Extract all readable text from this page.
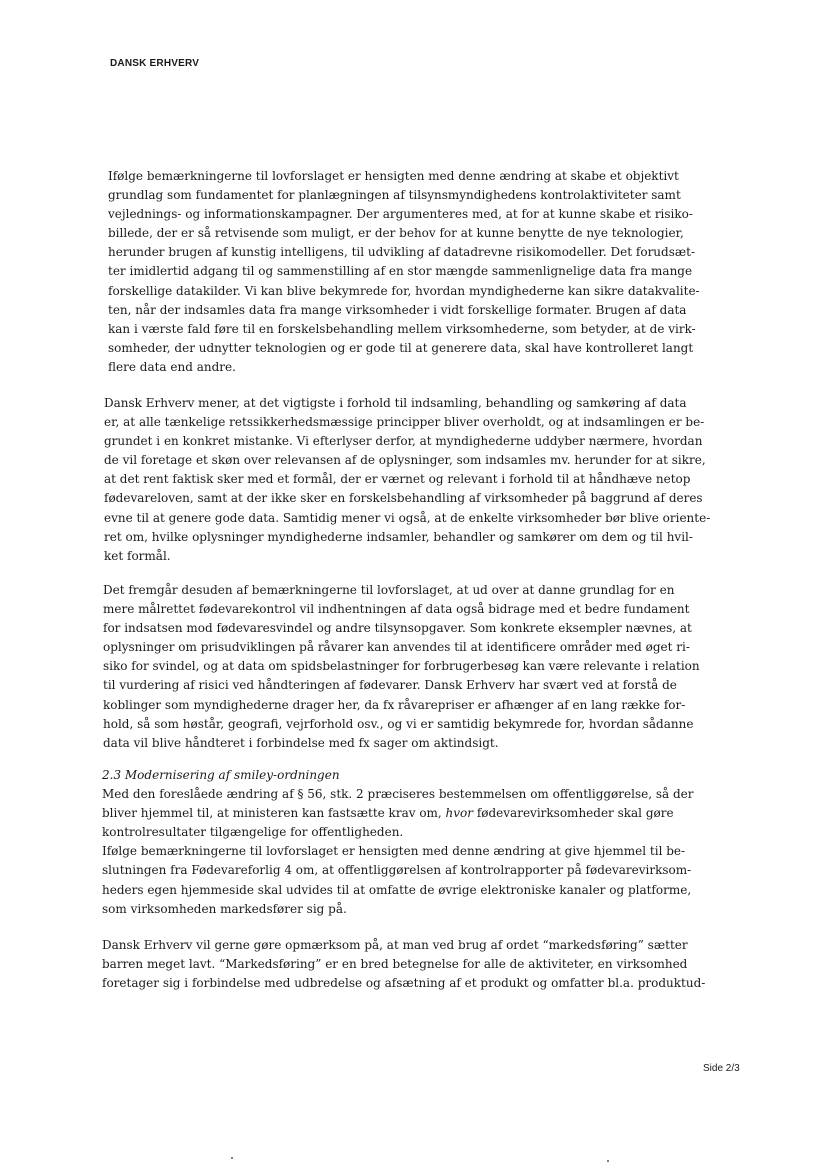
DANSK ERHVERV
Ifølge bemærkningerne til lovforslaget er hensigten med denne ændring at skabe et objektivt
grundlag som fundamentet for planlægningen af tilsynsmyndighedens kontrolaktiviteter samt
vejlednings- og informationskampagner. Der argumenteres med, at for at kunne skabe et risiko-
billede, der er så retvisende som muligt, er der behov for at kunne benytte de nye teknologier,
herunder brugen af kunstig intelligens, til udvikling af datadrevne risikomodeller. Det forudsæt-
ter imidlertid adgang til og sammenstilling af en stor mængde sammenlignelige data fra mange
forskellige datakilder. Vi kan blive bekymrede for, hvordan myndighederne kan sikre datakvalite-
ten, når der indsamles data fra mange virksomheder i vidt forskellige formater. Brugen af data
kan i værste fald føre til en forskelsbehandling mellem virksomhederne, som betyder, at de virk-
somheder, der udnytter teknologien og er gode til at generere data, skal have kontrolleret langt
flere data end andre.
Dansk Erhverv mener, at det vigtigste i forhold til indsamling, behandling og samkøring af data
er, at alle tænkelige retssikkerhedsmæssige principper bliver overholdt, og at indsamlingen er be-
grundet i en konkret mistanke. Vi efterlyser derfor, at myndighederne uddyber nærmere, hvordan
de vil foretage et skøn over relevansen af de oplysninger, som indsamles mv. herunder for at sikre,
at det rent faktisk sker med et formål, der er værnet og relevant i forhold til at håndhæve netop
fødevareloven, samt at der ikke sker en forskelsbehandling af virksomheder på baggrund af deres
evne til at genere gode data. Samtidig mener vi også, at de enkelte virksomheder bør blive oriente-
ret om, hvilke oplysninger myndighederne indsamler, behandler og samkører om dem og til hvil-
ket formål.
Det fremgår desuden af bemærkningerne til lovforslaget, at ud over at danne grundlag for en
mere målrettet fødevarekontrol vil indhentningen af data også bidrage med et bedre fundament
for indsatsen mod fødevaresvindel og andre tilsynsopgaver. Som konkrete eksempler nævnes, at
oplysninger om prisudviklingen på råvarer kan anvendes til at identificere områder med øget ri-
siko for svindel, og at data om spidsbelastninger for forbrugerbesøg kan være relevante i relation
til vurdering af risici ved håndteringen af fødevarer. Dansk Erhverv har svært ved at forstå de
koblinger som myndighederne drager her, da fx råvarepriser er afhænger af en lang række for-
hold, så som høstår, geografi, vejrforhold osv., og vi er samtidig bekymrede for, hvordan sådanne
data vil blive håndteret i forbindelse med fx sager om aktindsigt.
2.3 Modernisering af smiley-ordningen
Med den foreslåede ændring af § 56, stk. 2 præciseres bestemmelsen om offentliggørelse, så der
bliver hjemmel til, at ministeren kan fastsætte krav om, hvor fødevarevirksomheder skal gøre
kontrolresultater tilgængelige for offentligheden.
Ifølge bemærkningerne til lovforslaget er hensigten med denne ændring at give hjemmel til be-
slutningen fra Fødevareforlig 4 om, at offentliggørelsen af kontrolrapporter på fødevarevirksom-
heders egen hjemmeside skal udvides til at omfatte de øvrige elektroniske kanaler og platforme,
som virksomheden markedsfører sig på.
Dansk Erhverv vil gerne gøre opmærksom på, at man ved brug af ordet “markedsføring” sætter
barren meget lavt. “Markedsføring” er en bred betegnelse for alle de aktiviteter, en virksomhed
foretager sig i forbindelse med udbredelse og afsætning af et produkt og omfatter bl.a. produktud-
Side 2/3
